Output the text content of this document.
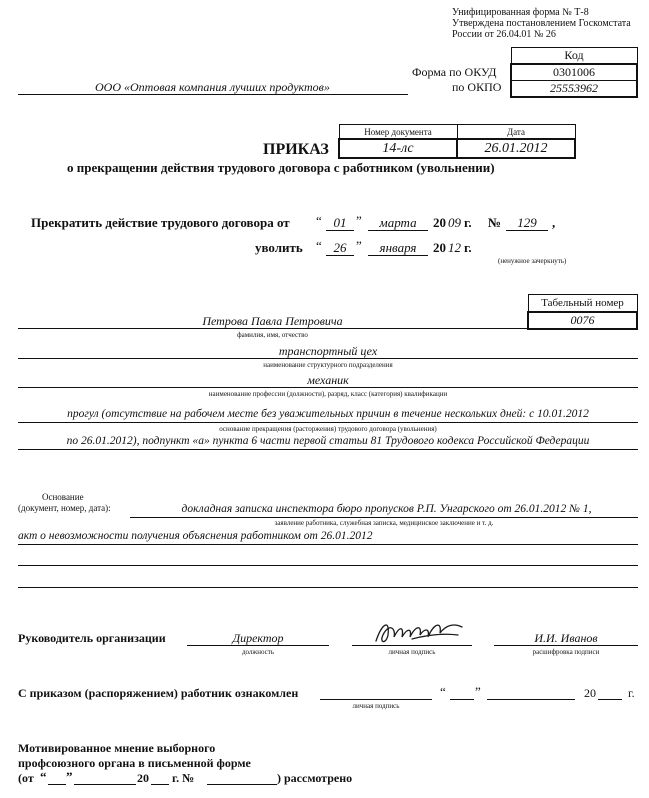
Унифицированная форма № Т-8
Утверждена постановлением Госкомстата
России от 26.04.01 № 26
Форма по ОКУД
по ОКПО
Код
0301006
25553962
ООО «Оптовая компания лучших продуктов»
ПРИКАЗ
Номер документа	Дата
14-лс	26.01.2012
о прекращении действия трудового договора с работником (увольнении)
Прекратить действие трудового договора от “ 01 ”	марта	20 09 г. №	129	,
уволить “ 26 ”	января	20 12 г.
(ненужное зачеркнуть)
Табельный номер
0076
Петрова Павла Петровича
фамилия, имя, отчество
транспортный цех
наименование структурного подразделения
механик
наименование профессии (должности), разряд, класс (категория) квалификации
прогул (отсутствие на рабочем месте без уважительных причин в течение нескольких дней: с 10.01.2012
основание прекращения (расторжения) трудового договора (увольнения)
по 26.01.2012), подпункт «а» пункта 6 части первой статьи 81 Трудового кодекса Российской Федерации
Основание
(документ, номер, дата):	докладная записка инспектора бюро пропусков Р.П. Унгарского от 26.01.2012 № 1,
заявление работника, служебная записка, медицинское заключение и т. д.
акт о невозможности получения объяснения работником от 26.01.2012
Руководитель организации	Директор
должность	личная подпись
И.И. Иванов
расшифровка подписи
С приказом (распоряжением) работник ознакомлен
личная подпись
“ ”	20	г.
Мотивированное мнение выборного
профсоюзного органа в письменной форме
(от “ ”	20 г. №	) рассмотрено
